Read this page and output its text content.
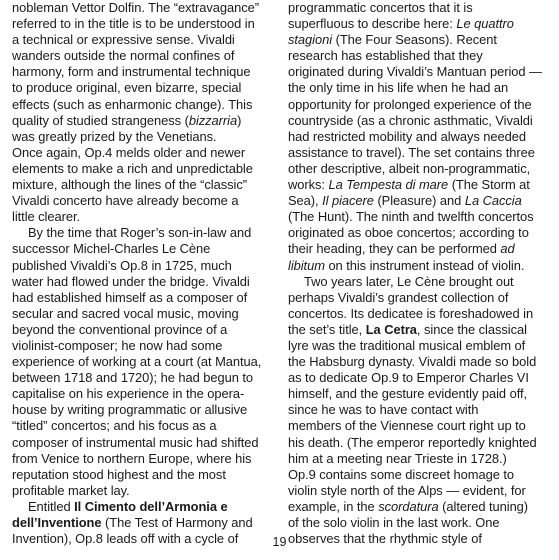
nobleman Vettor Dolfin. The “extravagance”
referred to in the title is to be understood in
a technical or expressive sense. Vivaldi
wanders outside the normal confines of
harmony, form and instrumental technique
to produce original, even bizarre, special
effects (such as enharmonic change). This
quality of studied strangeness (bizzarria)
was greatly prized by the Venetians.
Once again, Op.4 melds older and newer
elements to make a rich and unpredictable
mixture, although the lines of the “classic”
Vivaldi concerto have already become a
little clearer.
By the time that Roger’s son-in-law and
successor Michel-Charles Le Cène
published Vivaldi’s Op.8 in 1725, much
water had flowed under the bridge. Vivaldi
had established himself as a composer of
secular and sacred vocal music, moving
beyond the conventional province of a
violinist-composer; he now had some
experience of working at a court (at Mantua,
between 1718 and 1720); he had begun to
capitalise on his experience in the opera-
house by writing programmatic or allusive
“titled” concertos; and his focus as a
composer of instrumental music had shifted
from Venice to northern Europe, where his
reputation stood highest and the most
profitable market lay.
Entitled Il Cimento dell’Armonia e
dell’Inventione (The Test of Harmony and
Invention), Op.8 leads off with a cycle of
programmatic concertos that it is
superfluous to describe here: Le quattro
stagioni (The Four Seasons). Recent
research has established that they
originated during Vivaldi’s Mantuan period —
the only time in his life when he had an
opportunity for prolonged experience of the
countryside (as a chronic asthmatic, Vivaldi
had restricted mobility and always needed
assistance to travel). The set contains three
other descriptive, albeit non-programmatic,
works: La Tempesta di mare (The Storm at
Sea), Il piacere (Pleasure) and La Caccia
(The Hunt). The ninth and twelfth concertos
originated as oboe concertos; according to
their heading, they can be performed ad
libitum on this instrument instead of violin.
Two years later, Le Cène brought out
perhaps Vivaldi’s grandest collection of
concertos. Its dedicatee is foreshadowed in
the set’s title, La Cetra, since the classical
lyre was the traditional musical emblem of
the Habsburg dynasty. Vivaldi made so bold
as to dedicate Op.9 to Emperor Charles VI
himself, and the gesture evidently paid off,
since he was to have contact with
members of the Viennese court right up to
his death. (The emperor reportedly knighted
him at a meeting near Trieste in 1728.)
Op.9 contains some discreet homage to
violin style north of the Alps — evident, for
example, in the scordatura (altered tuning)
of the solo violin in the last work. One
observes that the rhythmic style of
19
